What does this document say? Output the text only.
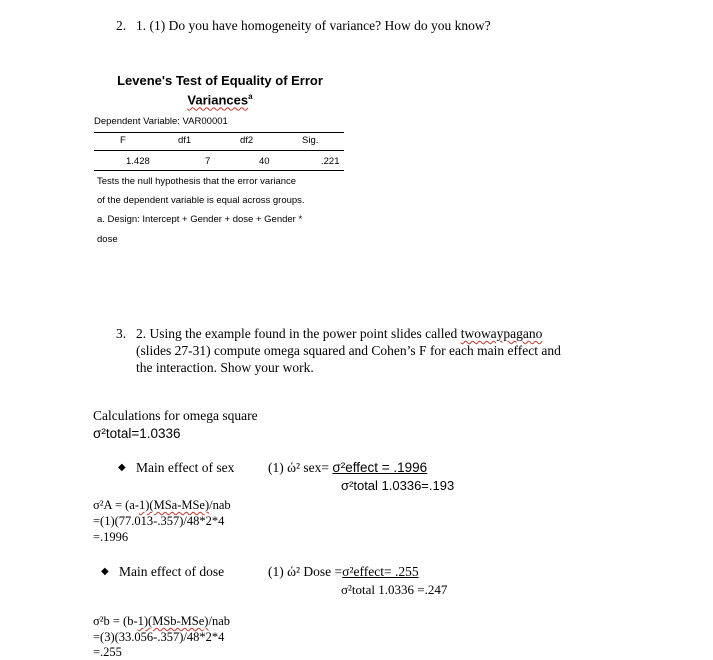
2. 1. (1) Do you have homogeneity of variance? How do you know?
Levene's Test of Equality of Error
Variances$^a$
Dependent Variable: VAR00001
F	df1	df2	Sig.
1.428	7	40	.221
Tests the null hypothesis that the error variance
of the dependent variable is equal across groups.
a. Design: Intercept + Gender + dose + Gender *
dose
3. 2. Using the example found in the power point slides called twowaypagano
(slides 27-31) compute omega squared and Cohen’s F for each main effect and
the interaction. Show your work.
Calculations for omega square
σ²total=1.0336
◆ Main effect of sex (1) ώ² sex= σ²effect = .1996
σ²total 1.0336=.193
σ²A = (a-1)(MSa-MSe)/nab
=(1)(77.013-.357)/48*2*4
=.1996
◆ Main effect of dose	(1) ώ² Dose =σ²effect= .255
σ²total 1.0336 =.247
σ²b = (b-1)(MSb-MSe)/nab
=(3)(33.056-.357)/48*2*4
=.255
